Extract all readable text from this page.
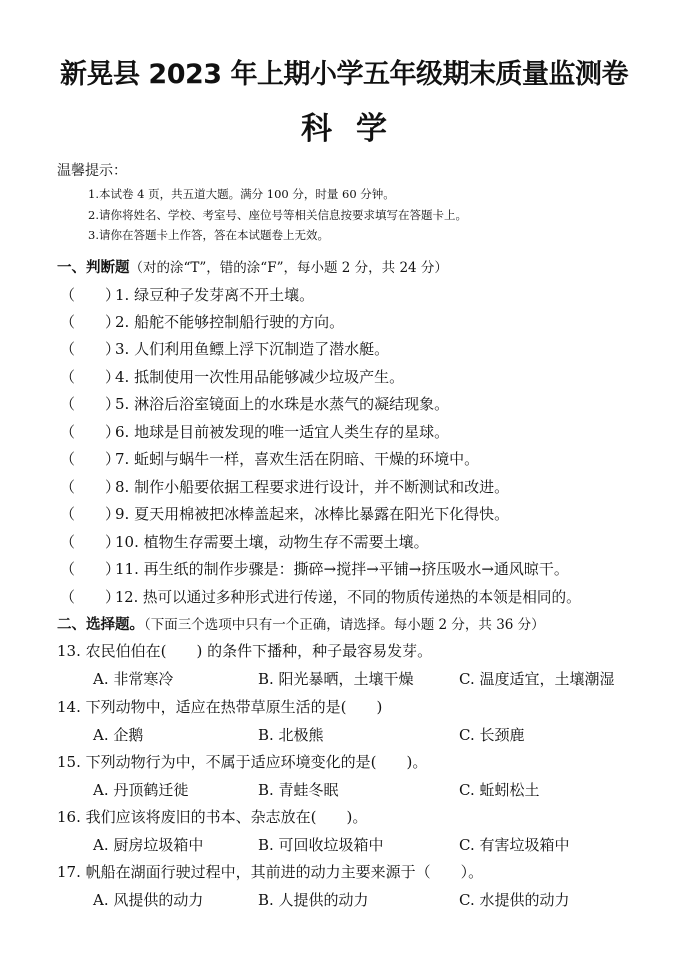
新晃县 2023 年上期小学五年级期末质量监测卷
科学
温馨提示：
1.本试卷 4 页，共五道大题。满分 100 分，时量 60 分钟。
2.请你将姓名、学校、考室号、座位号等相关信息按要求填写在答题卡上。
3.请你在答题卡上作答，答在本试题卷上无效。
一、判断题（对的涂“T”，错的涂“F”，每小题 2 分，共 24 分）
（　　）1. 绿豆种子发芽离不开土壤。
（　　）2. 船舵不能够控制船行驶的方向。
（　　）3. 人们利用鱼鳔上浮下沉制造了潜水艇。
（　　）4. 抵制使用一次性用品能够减少垃圾产生。
（　　）5. 淋浴后浴室镜面上的水珠是水蒸气的凝结现象。
（　　）6. 地球是目前被发现的唯一适宜人类生存的星球。
（　　）7. 蚯蚓与蜗牛一样，喜欢生活在阴暗、干燥的环境中。
（　　）8. 制作小船要依据工程要求进行设计，并不断测试和改进。
（　　）9. 夏天用棉被把冰棒盖起来，冰棒比暴露在阳光下化得快。
（　　）10. 植物生存需要土壤，动物生存不需要土壤。
（　　）11. 再生纸的制作步骤是：撕碎→搅拌→平铺→挤压吸水→通风晾干。
（　　）12. 热可以通过多种形式进行传递，不同的物质传递热的本领是相同的。
二、选择题。（下面三个选项中只有一个正确，请选择。每小题 2 分，共 36 分）
13. 农民伯伯在(　　) 的条件下播种，种子最容易发芽。
A. 非常寒冷	B. 阳光暴晒，土壤干燥	C. 温度适宜，土壤潮湿
14. 下列动物中，适应在热带草原生活的是(　　)
A. 企鹅	B. 北极熊	C. 长颈鹿
15. 下列动物行为中，不属于适应环境变化的是(　　)。
A. 丹顶鹤迁徙	B. 青蛙冬眠	C. 蚯蚓松土
16. 我们应该将废旧的书本、杂志放在(　　)。
A. 厨房垃圾箱中	B. 可回收垃圾箱中	C. 有害垃圾箱中
17. 帆船在湖面行驶过程中，其前进的动力主要来源于（　　）。
A. 风提供的动力	B. 人提供的动力	C. 水提供的动力
